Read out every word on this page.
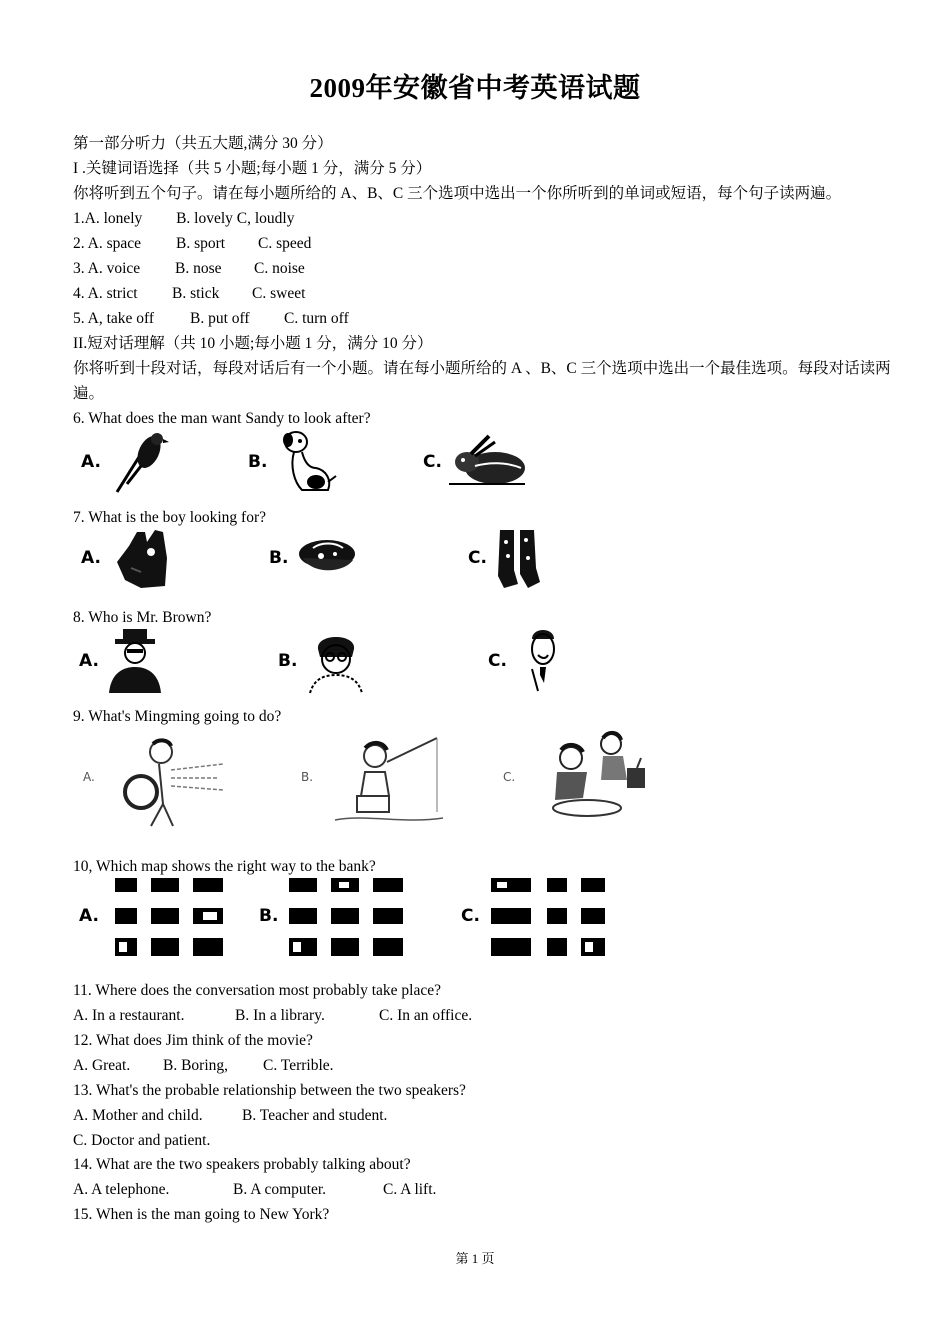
2009年安徽省中考英语试题
第一部分听力（共五大题,满分 30 分）
I .关键词语选择（共 5 小题;每小题 1 分，满分 5 分）
你将听到五个句子。请在每小题所给的 A、B、C 三个选项中选出一个你所听到的单词或短语，每个句子读两遍。
1.A. lonely B. lovely C, loudly
2. A. space B. sport C. speed
3. A. voice B. nose C. noise
4. A. strict B. stick C. sweet
5. A, take off B. put off C. turn off
II.短对话理解（共 10 小题;每小题 1 分，满分 10 分）
你将听到十段对话，每段对话后有一个小题。请在每小题所给的 A 、B、C 三个选项中选出一个最佳选项。每段对话读两遍。
6. What does the man want Sandy to look after?
A.	B.	C.
7. What is the boy looking for?
A.	B.	C.
8. Who is Mr. Brown?
A.	B.	C.
9. What's Mingming going to do?
A.	B.	C.
10, Which map shows the right way to the bank?
A.	B.	C.
11. Where does the conversation most probably take place?
A. In a restaurant.	B. In a library.	C. In an office.
12. What does Jim think of the movie?
A. Great. B. Boring, C. Terrible.
13. What's the probable relationship between the two speakers?
A. Mother and child.	B. Teacher and student.
C. Doctor and patient.
14. What are the two speakers probably talking about?
A. A telephone.	B. A computer.	C. A lift.
15. When is the man going to New York?
第 1 页
